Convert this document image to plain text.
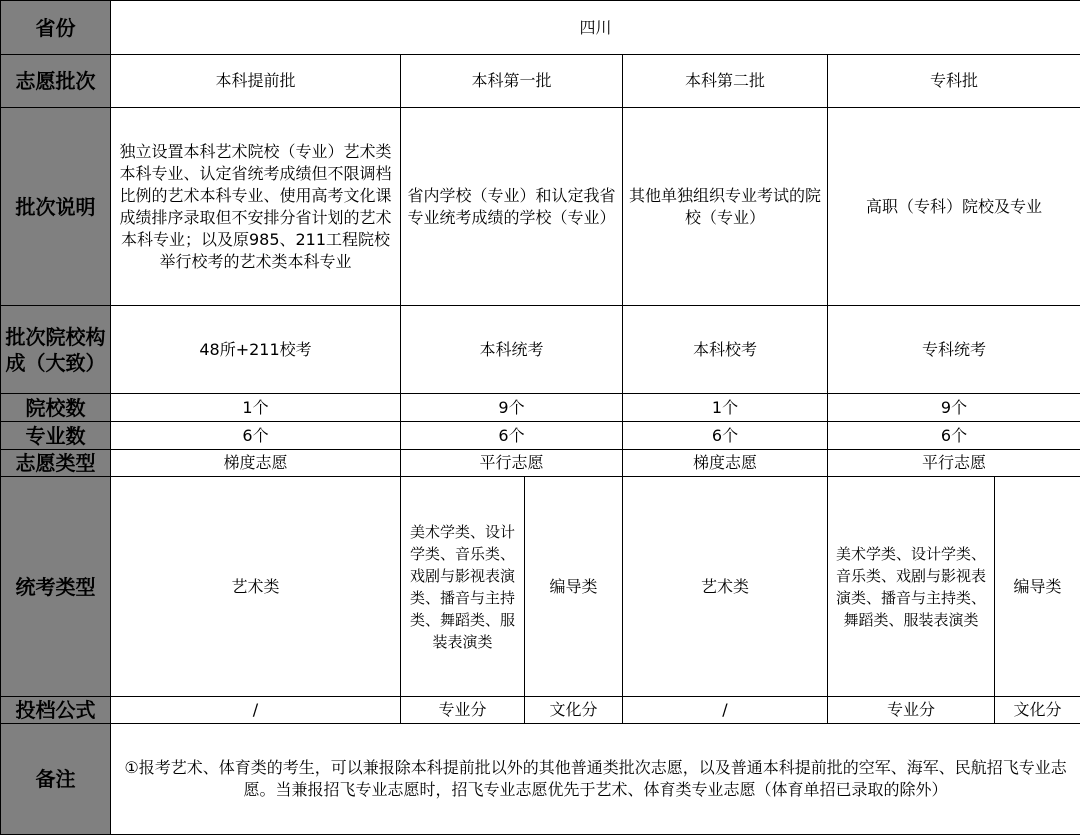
省份	四川					
志愿批次	本科提前批	本科第一批		本科第二批	专科批	
批次说明	独立设置本科艺术院校（专业）艺术类本科专业、认定省统考成绩但不限调档比例的艺术本科专业、使用高考文化课成绩排序录取但不安排分省计划的艺术本科专业；以及原985、211工程院校举行校考的艺术类本科专业	省内学校（专业）和认定我省专业统考成绩的学校（专业）		其他单独组织专业考试的院校（专业）	高职（专科）院校及专业	
批次院校构成（大致）	48所+211校考	本科统考		本科校考	专科统考	
院校数	1个	9个		1个	9个	
专业数	6个	6个		6个	6个	
志愿类型	梯度志愿	平行志愿		梯度志愿	平行志愿	
统考类型	艺术类	美术学类、设计学类、音乐类、戏剧与影视表演类、播音与主持类、舞蹈类、服装表演类	编导类	艺术类	美术学类、设计学类、音乐类、戏剧与影视表演类、播音与主持类、舞蹈类、服装表演类	编导类
投档公式	/	专业分	文化分	/	专业分	文化分
备注	①报考艺术、体育类的考生，可以兼报除本科提前批以外的其他普通类批次志愿，以及普通本科提前批的空军、海军、民航招飞专业志愿。当兼报招飞专业志愿时，招飞专业志愿优先于艺术、体育类专业志愿（体育单招已录取的除外）					
